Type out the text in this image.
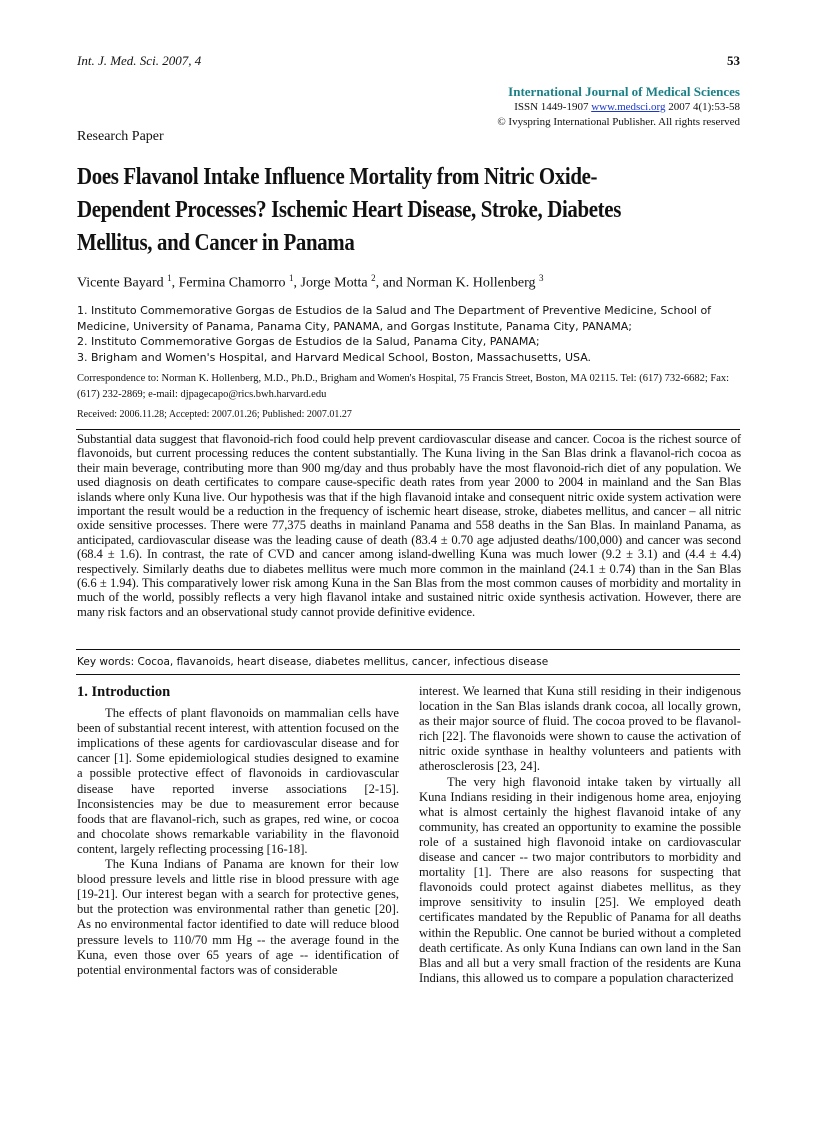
Int. J. Med. Sci. 2007, 4	53
International Journal of Medical Sciences
ISSN 1449-1907 www.medsci.org 2007 4(1):53-58
© Ivyspring International Publisher. All rights reserved
Research Paper
Does Flavanol Intake Influence Mortality from Nitric Oxide-Dependent Processes? Ischemic Heart Disease, Stroke, Diabetes Mellitus, and Cancer in Panama
Vicente Bayard $^1$, Fermina Chamorro $^1$, Jorge Motta $^2$, and Norman K. Hollenberg $^3$
1. Instituto Commemorative Gorgas de Estudios de la Salud and The Department of Preventive Medicine, School of Medicine, University of Panama, Panama City, PANAMA, and Gorgas Institute, Panama City, PANAMA;
2. Instituto Commemorative Gorgas de Estudios de la Salud, Panama City, PANAMA;
3. Brigham and Women's Hospital, and Harvard Medical School, Boston, Massachusetts, USA.
Correspondence to: Norman K. Hollenberg, M.D., Ph.D., Brigham and Women's Hospital, 75 Francis Street, Boston, MA 02115. Tel: (617) 732-6682; Fax: (617) 232-2869; e-mail: djpagecapo@rics.bwh.harvard.edu
Received: 2006.11.28; Accepted: 2007.01.26; Published: 2007.01.27
Substantial data suggest that flavonoid-rich food could help prevent cardiovascular disease and cancer. Cocoa is the richest source of flavonoids, but current processing reduces the content substantially. The Kuna living in the San Blas drink a flavanol-rich cocoa as their main beverage, contributing more than 900 mg/day and thus probably have the most flavonoid-rich diet of any population. We used diagnosis on death certificates to compare cause-specific death rates from year 2000 to 2004 in mainland and the San Blas islands where only Kuna live. Our hypothesis was that if the high flavanoid intake and consequent nitric oxide system activation were important the result would be a reduction in the frequency of ischemic heart disease, stroke, diabetes mellitus, and cancer – all nitric oxide sensitive processes. There were 77,375 deaths in mainland Panama and 558 deaths in the San Blas. In mainland Panama, as anticipated, cardiovascular disease was the leading cause of death (83.4 ± 0.70 age adjusted deaths/100,000) and cancer was second (68.4 ± 1.6). In contrast, the rate of CVD and cancer among island-dwelling Kuna was much lower (9.2 ± 3.1) and (4.4 ± 4.4) respectively. Similarly deaths due to diabetes mellitus were much more common in the mainland (24.1 ± 0.74) than in the San Blas (6.6 ± 1.94). This comparatively lower risk among Kuna in the San Blas from the most common causes of morbidity and mortality in much of the world, possibly reflects a very high flavanol intake and sustained nitric oxide synthesis activation. However, there are many risk factors and an observational study cannot provide definitive evidence.
Key words: Cocoa, flavanoids, heart disease, diabetes mellitus, cancer, infectious disease
1. Introduction

The effects of plant flavonoids on mammalian cells have been of substantial recent interest, with attention focused on the implications of these agents for cardiovascular disease and for cancer [1]. Some epidemiological studies designed to examine a possible protective effect of flavonoids in cardiovascular disease have reported inverse associations [2-15]. Inconsistencies may be due to measurement error because foods that are flavanol-rich, such as grapes, red wine, or cocoa and chocolate shows remarkable variability in the flavonoid content, largely reflecting processing [16-18].

The Kuna Indians of Panama are known for their low blood pressure levels and little rise in blood pressure with age [19-21]. Our interest began with a search for protective genes, but the protection was environmental rather than genetic [20]. As no environmental factor identified to date will reduce blood pressure levels to 110/70 mm Hg -- the average found in the Kuna, even those over 65 years of age -- identification of potential environmental factors was of considerable

interest. We learned that Kuna still residing in their indigenous location in the San Blas islands drank cocoa, all locally grown, as their major source of fluid. The cocoa proved to be flavanol-rich [22]. The flavonoids were shown to cause the activation of nitric oxide synthase in healthy volunteers and patients with atherosclerosis [23, 24].

The very high flavonoid intake taken by virtually all Kuna Indians residing in their indigenous home area, enjoying what is almost certainly the highest flavanoid intake of any community, has created an opportunity to examine the possible role of a sustained high flavonoid intake on cardiovascular disease and cancer -- two major contributors to morbidity and mortality [1]. There are also reasons for suspecting that flavonoids could protect against diabetes mellitus, as they improve sensitivity to insulin [25]. We employed death certificates mandated by the Republic of Panama for all deaths within the Republic. One cannot be buried without a completed death certificate. As only Kuna Indians can own land in the San Blas and all but a very small fraction of the residents are Kuna Indians, this allowed us to compare a population characterized
